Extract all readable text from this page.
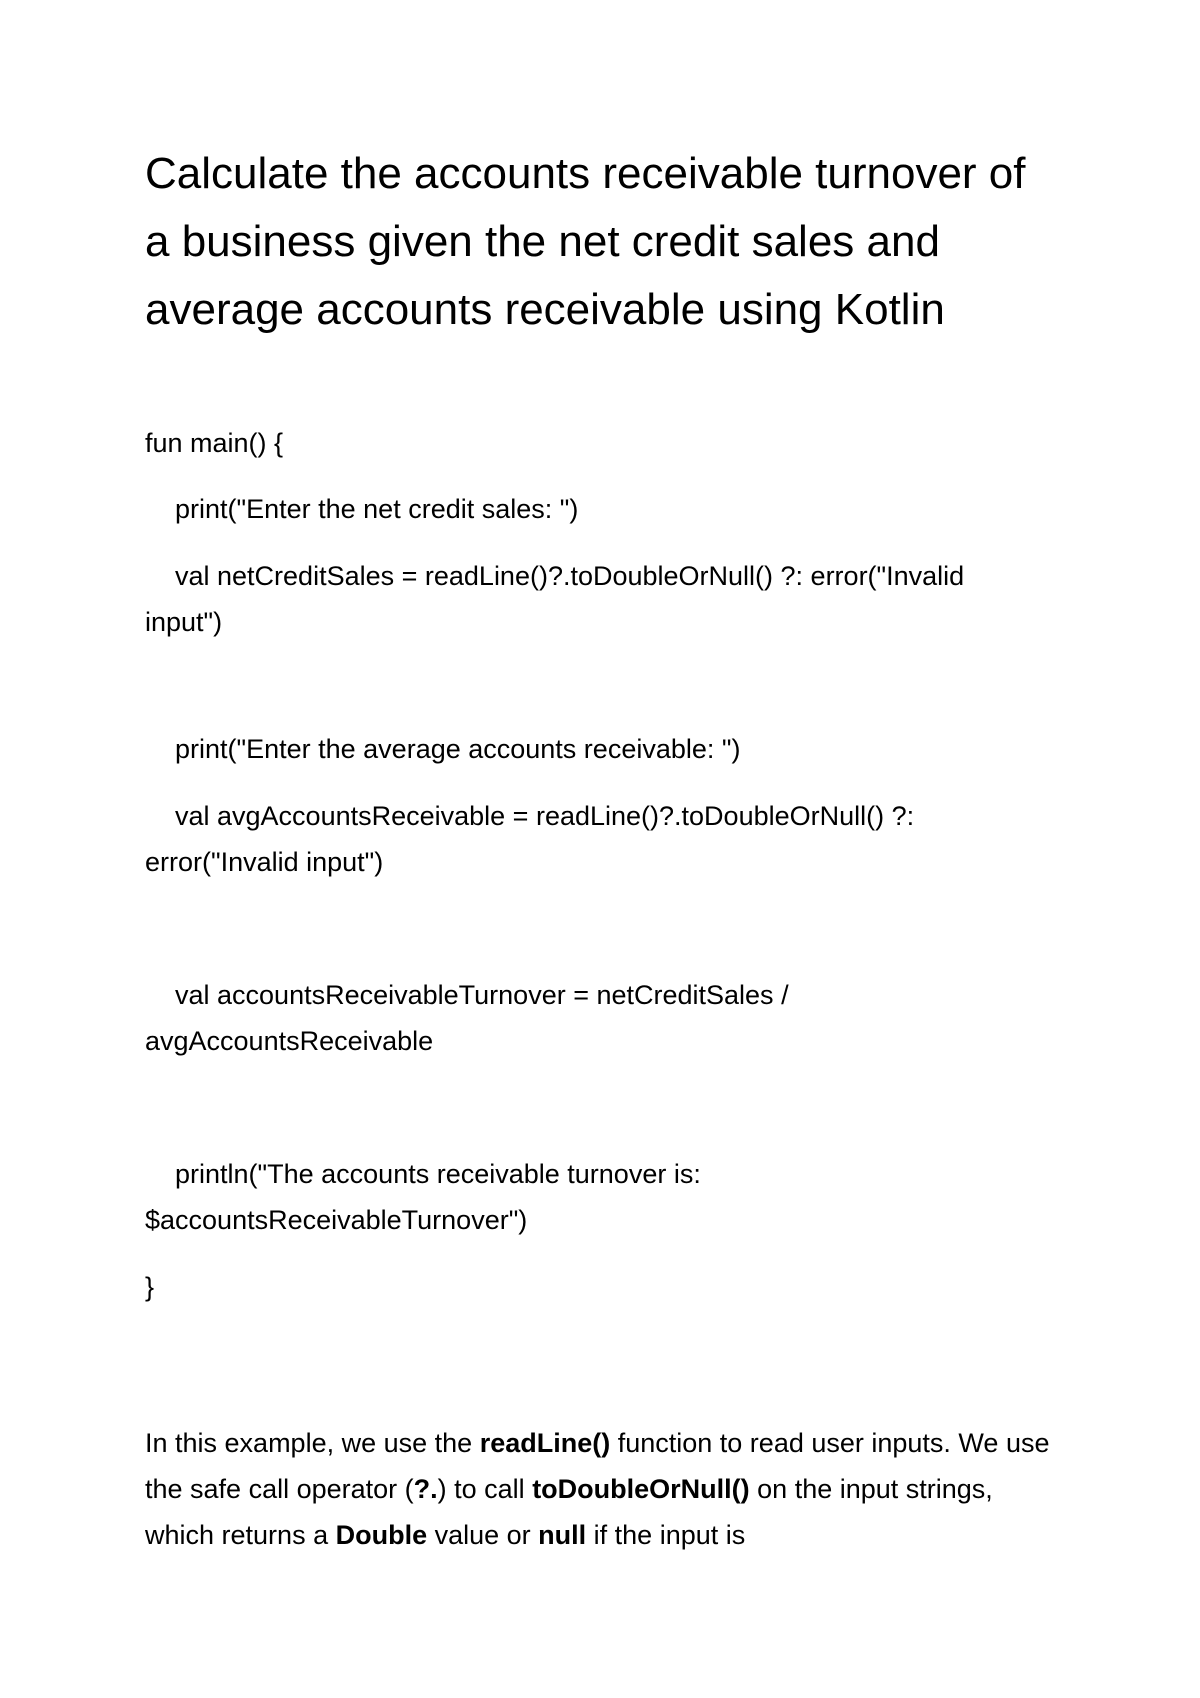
Calculate the accounts receivable turnover of
a business given the net credit sales and
average accounts receivable using Kotlin
fun main() {
print("Enter the net credit sales: ")
val netCreditSales = readLine()?.toDoubleOrNull() ?: error("Invalid
input")
print("Enter the average accounts receivable: ")
val avgAccountsReceivable = readLine()?.toDoubleOrNull() ?:
error("Invalid input")
val accountsReceivableTurnover = netCreditSales /
avgAccountsReceivable
println("The accounts receivable turnover is:
$accountsReceivableTurnover")
}

In this example, we use the readLine() function to read user inputs. We use the safe call operator (?.) to call toDoubleOrNull() on the input strings, which returns a Double value or null if the input is
